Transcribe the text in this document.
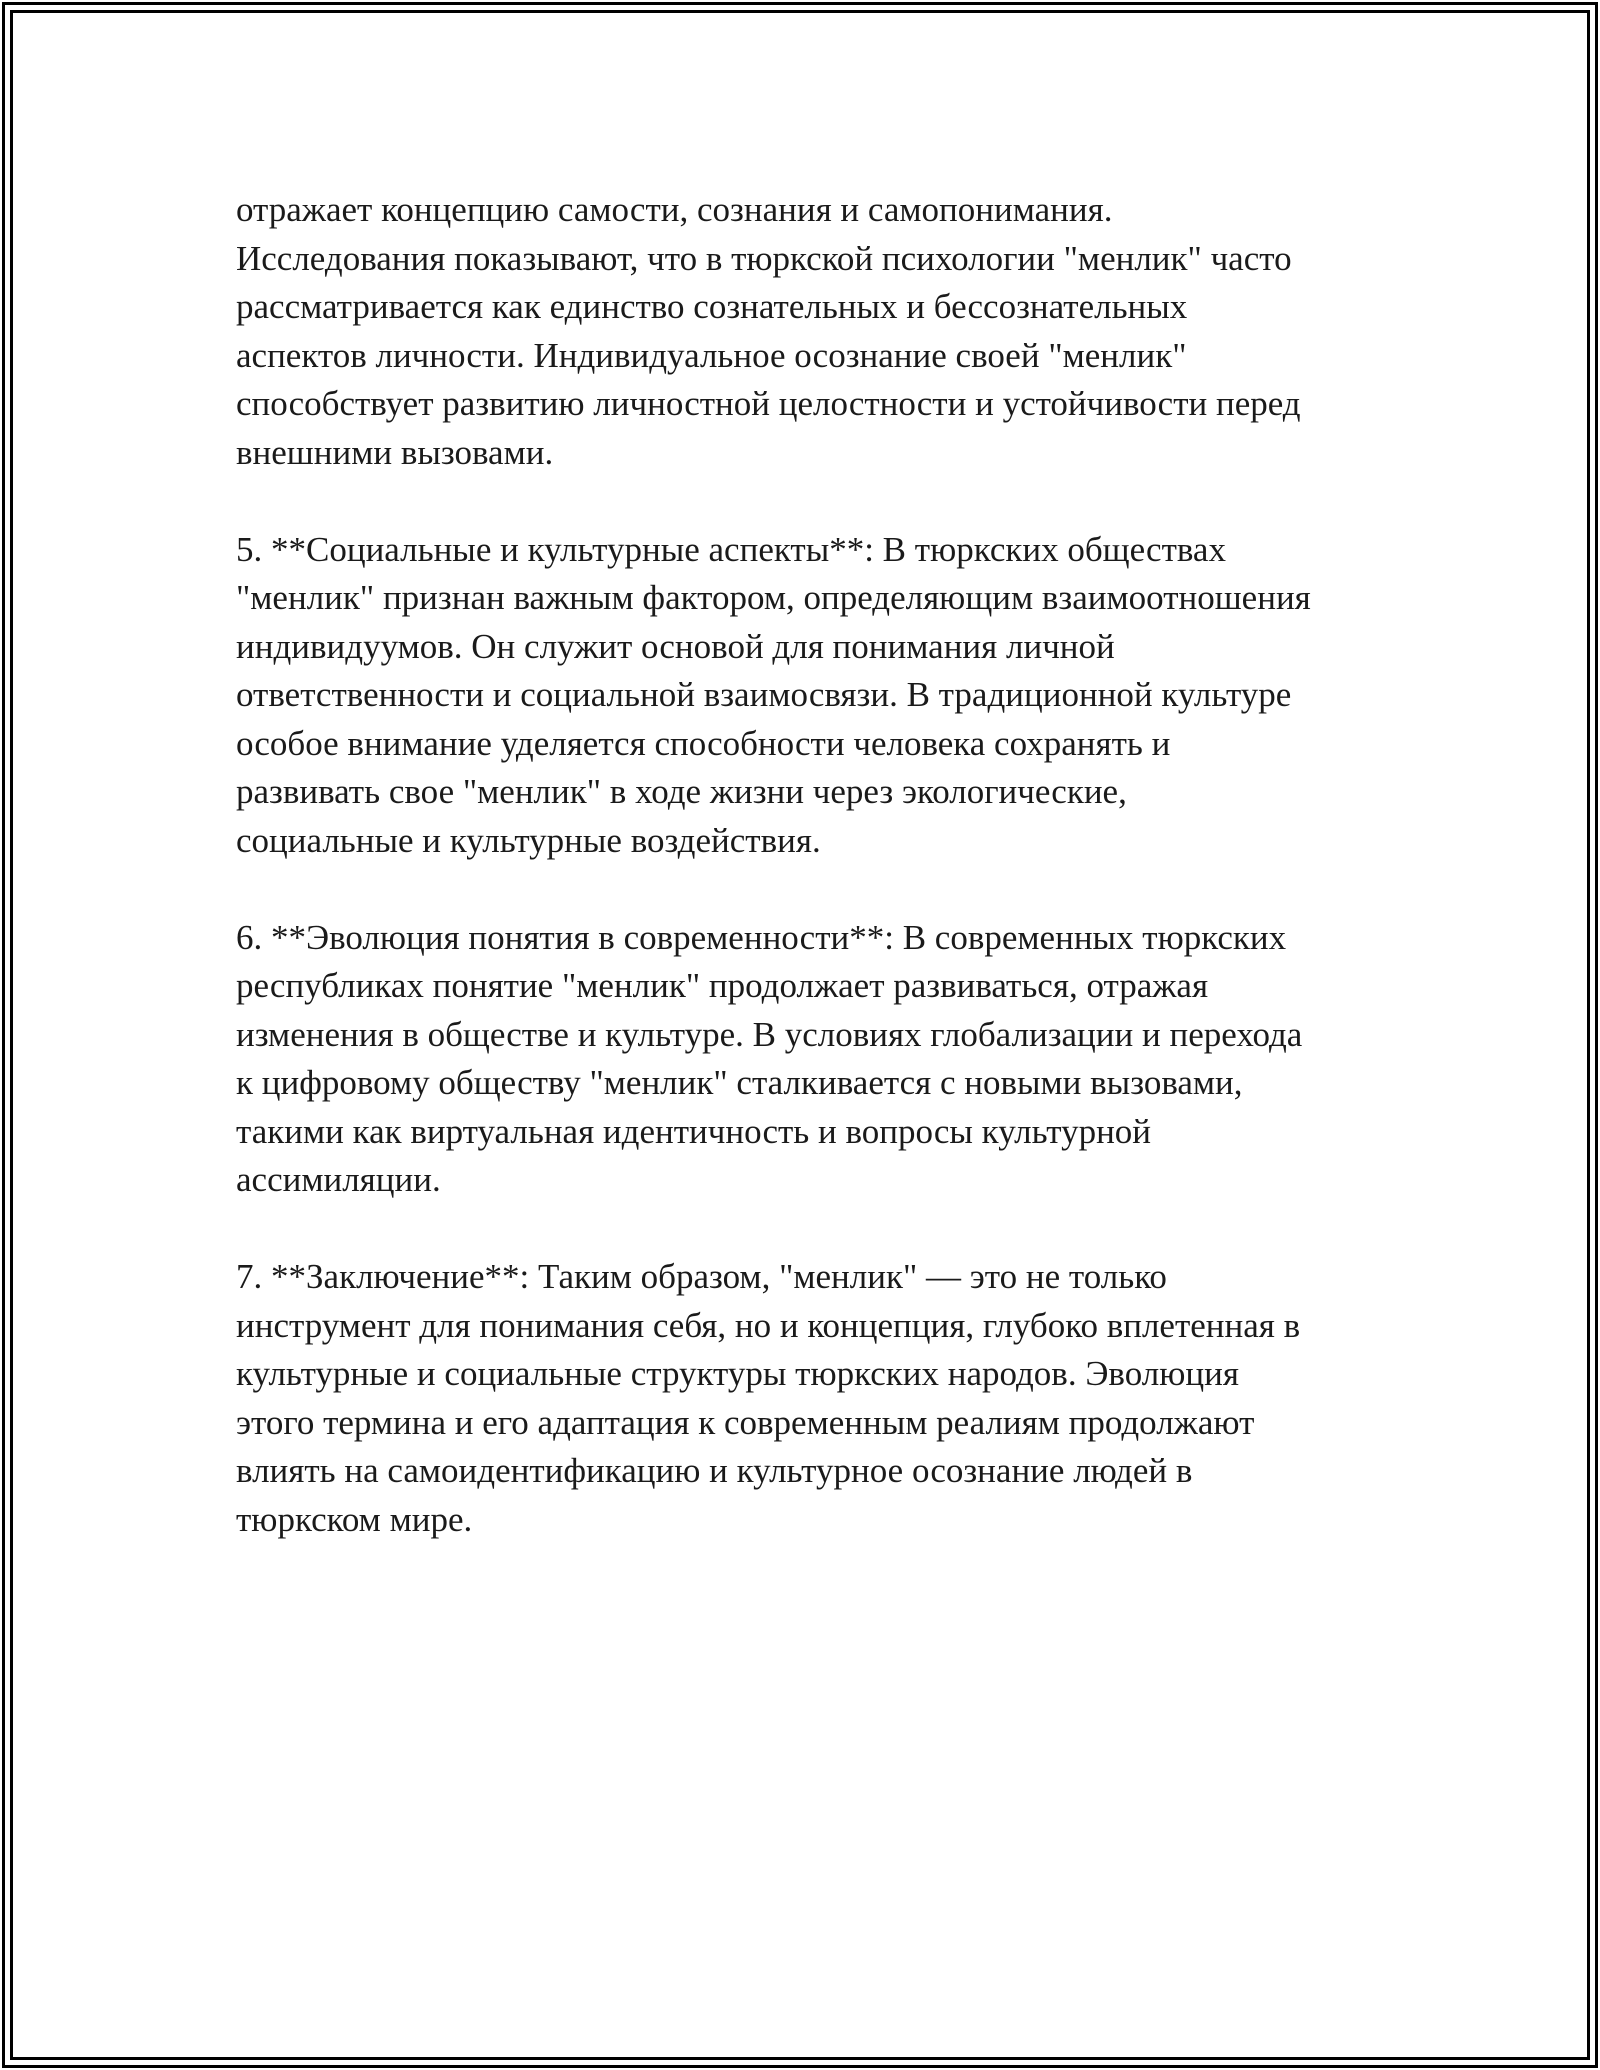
отражает концепцию самости, сознания и самопонимания.
Исследования показывают, что в тюркской психологии "менлик" часто
рассматривается как единство сознательных и бессознательных
аспектов личности. Индивидуальное осознание своей "менлик"
способствует развитию личностной целостности и устойчивости перед
внешними вызовами.

5. **Социальные и культурные аспекты**: В тюркских обществах
"менлик" признан важным фактором, определяющим взаимоотношения
индивидуумов. Он служит основой для понимания личной
ответственности и социальной взаимосвязи. В традиционной культуре
особое внимание уделяется способности человека сохранять и
развивать свое "менлик" в ходе жизни через экологические,
социальные и культурные воздействия.

6. **Эволюция понятия в современности**: В современных тюркских
республиках понятие "менлик" продолжает развиваться, отражая
изменения в обществе и культуре. В условиях глобализации и перехода
к цифровому обществу "менлик" сталкивается с новыми вызовами,
такими как виртуальная идентичность и вопросы культурной
ассимиляции.

7. **Заключение**: Таким образом, "менлик" — это не только
инструмент для понимания себя, но и концепция, глубоко вплетенная в
культурные и социальные структуры тюркских народов. Эволюция
этого термина и его адаптация к современным реалиям продолжают
влиять на самоидентификацию и культурное осознание людей в
тюркском мире.
